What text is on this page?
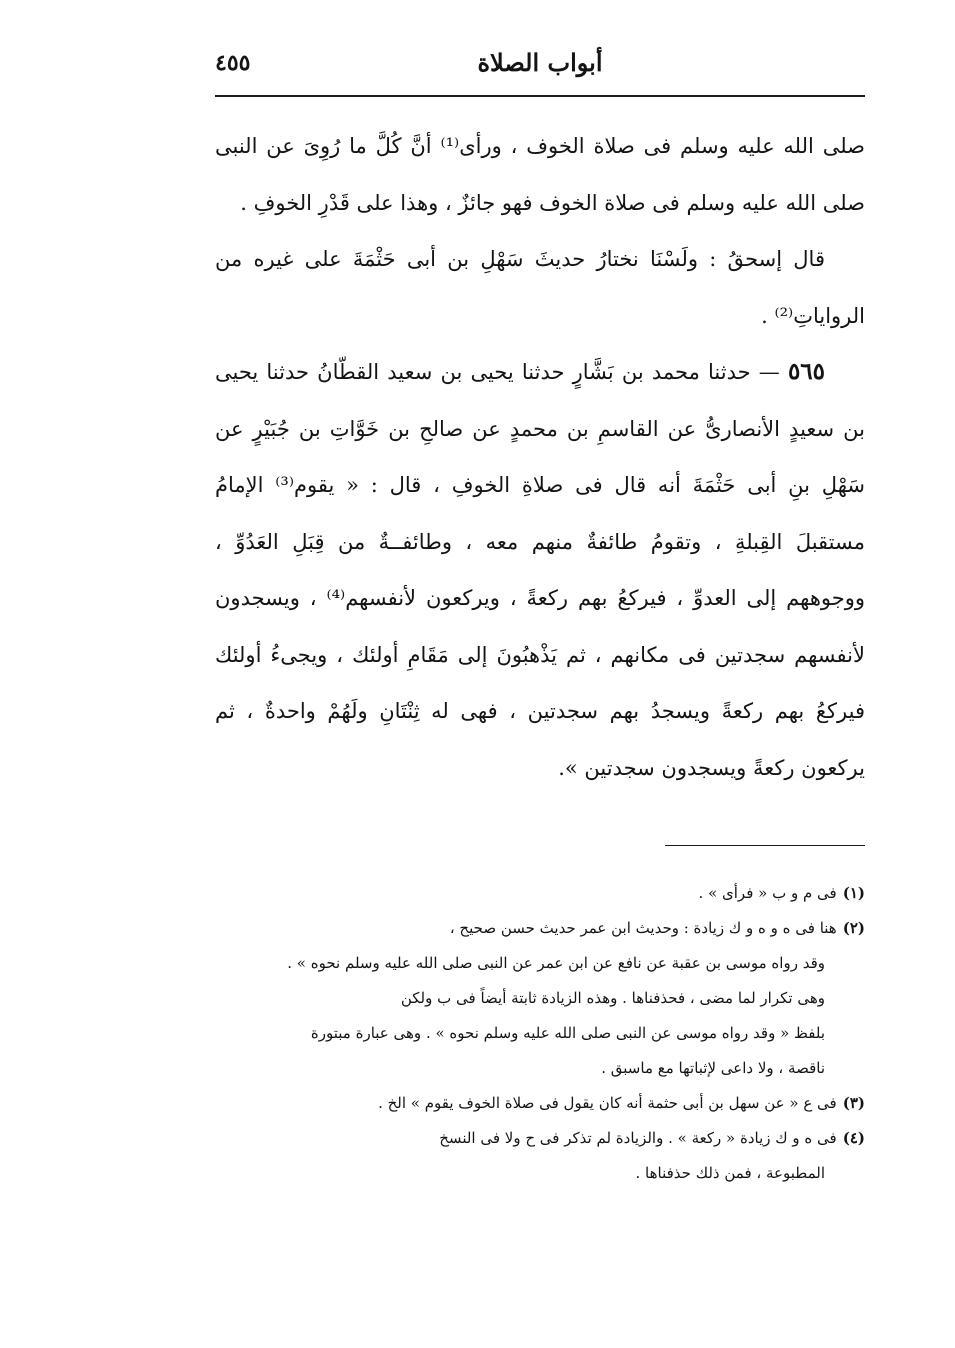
٤٥٥	أبواب الصلاة

صلى الله عليه وسلم فى صلاة الخوف ، ورأى⁽¹⁾ أنَّ كُلَّ ما رُوِىَ عن النبى صلى الله عليه وسلم فى صلاة الخوف فهو جائزٌ ، وهذا على قَدْرِ الخوفِ .

قال إسحقُ : ولَسْنَا نختارُ حديثَ سَهْلِ بن أبى حَثْمَةَ على غيره من الرواياتِ⁽²⁾ .

٥٦٥ — حدثنا محمد بن بَشَّارٍ حدثنا يحيى بن سعيد القطّانُ حدثنا يحيى بن سعيدٍ الأنصارىُّ عن القاسمِ بن محمدٍ عن صالحِ بن خَوَّاتِ بن جُبَيْرٍ عن سَهْلِ بنِ أبى حَثْمَةَ أنه قال فى صلاةِ الخوفِ ، قال : « يقوم⁽³⁾ الإمامُ مستقبلَ القِبلةِ ، وتقومُ طائفةٌ منهم معه ، وطائفــةٌ من قِبَلِ العَدُوِّ ، ووجوههم إلى العدوِّ ، فيركعُ بهم ركعةً ، ويركعون لأنفسهم⁽⁴⁾ ، ويسجدون لأنفسهم سجدتين فى مكانهم ، ثم يَذْهبُونَ إلى مَقَامِ أولئك ، ويجىءُ أولئك فيركعُ بهم ركعةً ويسجدُ بهم سجدتين ، فهى له ثِنْتَانِ ولَهُمْ واحدةٌ ، ثم يركعون ركعةً ويسجدون سجدتين ».

(١)فى م و ب « فرأى » .

(٢)هنا فى ه و ه و ك زيادة : وحديث ابن عمر حديث حسن صحيح ،

وقد رواه موسى بن عقبة عن نافع عن ابن عمر عن النبى صلى الله عليه وسلم نحوه » .

وهى تكرار لما مضى ، فحذفناها . وهذه الزيادة ثابتة أيضاً فى ب ولكن

بلفظ « وقد رواه موسى عن النبى صلى الله عليه وسلم نحوه » . وهى عبارة مبتورة

ناقصة ، ولا داعى لإثباتها مع ماسبق .

(٣)فى ع « عن سهل بن أبى حثمة أنه كان يقول فى صلاة الخوف يقوم » الخ .

(٤)فى ه و ك زيادة « ركعة » . والزيادة لم تذكر فى ح ولا فى النسخ

المطبوعة ، فمن ذلك حذفناها .
